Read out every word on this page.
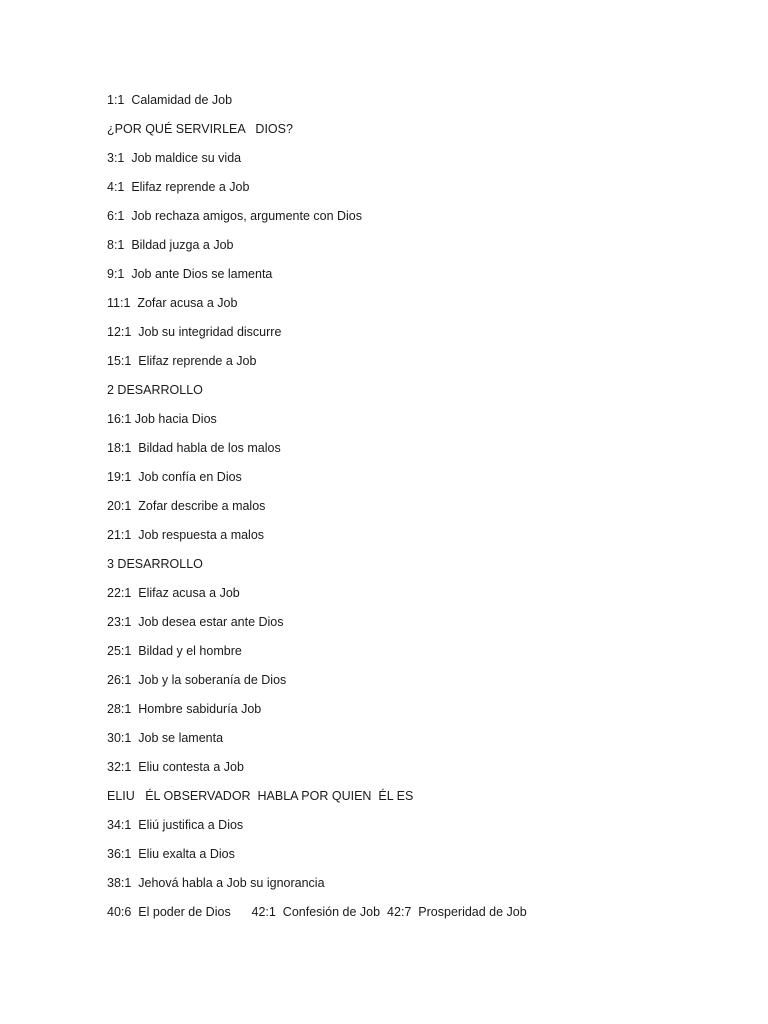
1:1  Calamidad de Job
¿POR QUÉ SERVIRLEA   DIOS?
3:1  Job maldice su vida
4:1  Elifaz reprende a Job
6:1  Job rechaza amigos, argumente con Dios
8:1  Bildad juzga a Job
9:1  Job ante Dios se lamenta
11:1  Zofar acusa a Job
12:1  Job su integridad discurre
15:1  Elifaz reprende a Job
2 DESARROLLO
16:1 Job hacia Dios
18:1  Bildad habla de los malos
19:1  Job confía en Dios
20:1  Zofar describe a malos
21:1  Job respuesta a malos
3 DESARROLLO
22:1  Elifaz acusa a Job
23:1  Job desea estar ante Dios
25:1  Bildad y el hombre
26:1  Job y la soberanía de Dios
28:1  Hombre sabiduría Job
30:1  Job se lamenta
32:1  Eliu contesta a Job
ELIU   ÉL OBSERVADOR  HABLA POR QUIEN  ÉL ES
34:1  Eliú justifica a Dios
36:1  Eliu exalta a Dios
38:1  Jehová habla a Job su ignorancia
40:6  El poder de Dios      42:1  Confesión de Job  42:7  Prosperidad de Job
